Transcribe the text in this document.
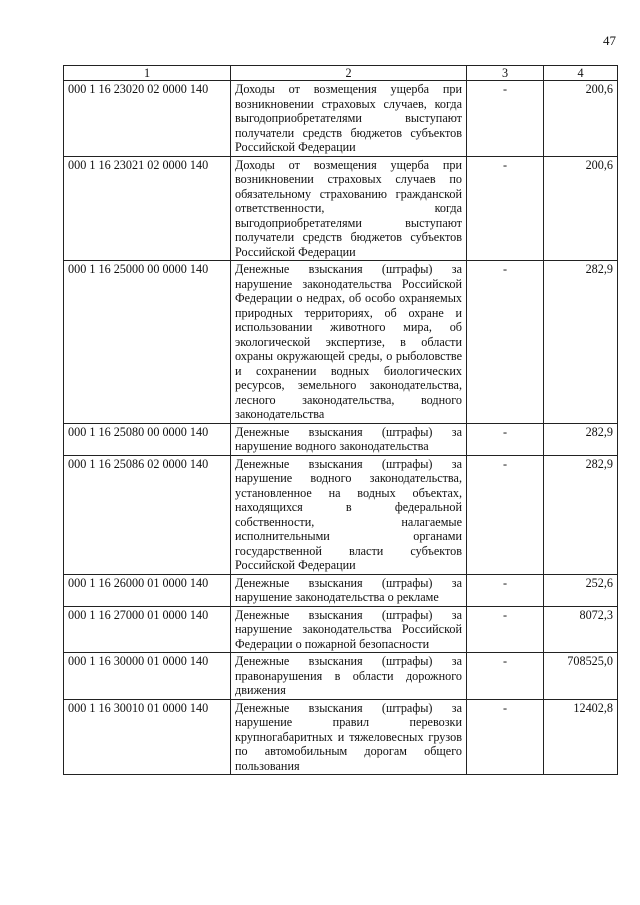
47
1	2	3	4
000 1 16 23020 02 0000 140	Доходы от возмещения ущерба при возникновении страховых случаев, когда выгодоприобретателями выступают получатели средств бюджетов субъектов Российской Федерации	-	200,6
000 1 16 23021 02 0000 140	Доходы от возмещения ущерба при возникновении страховых случаев по обязательному страхованию гражданской ответственности, когда выгодоприобретателями выступают получатели средств бюджетов субъектов Российской Федерации	-	200,6
000 1 16 25000 00 0000 140	Денежные взыскания (штрафы) за нарушение законодательства Российской Федерации о недрах, об особо охраняемых природных территориях, об охране и использовании животного мира, об экологической экспертизе, в области охраны окружающей среды, о рыболовстве и сохранении водных биологических ресурсов, земельного законодательства, лесного законодательства, водного законодательства	-	282,9
000 1 16 25080 00 0000 140	Денежные взыскания (штрафы) за нарушение водного законодательства	-	282,9
000 1 16 25086 02 0000 140	Денежные взыскания (штрафы) за нарушение водного законодательства, установленное на водных объектах, находящихся в федеральной собственности, налагаемые исполнительными органами государственной власти субъектов Российской Федерации	-	282,9
000 1 16 26000 01 0000 140	Денежные взыскания (штрафы) за нарушение законодательства о рекламе	-	252,6
000 1 16 27000 01 0000 140	Денежные взыскания (штрафы) за нарушение законодательства Российской Федерации о пожарной безопасности	-	8072,3
000 1 16 30000 01 0000 140	Денежные взыскания (штрафы) за правонарушения в области дорожного движения	-	708525,0
000 1 16 30010 01 0000 140	Денежные взыскания (штрафы) за нарушение правил перевозки крупногабаритных и тяжеловесных грузов по автомобильным дорогам общего пользования	-	12402,8
